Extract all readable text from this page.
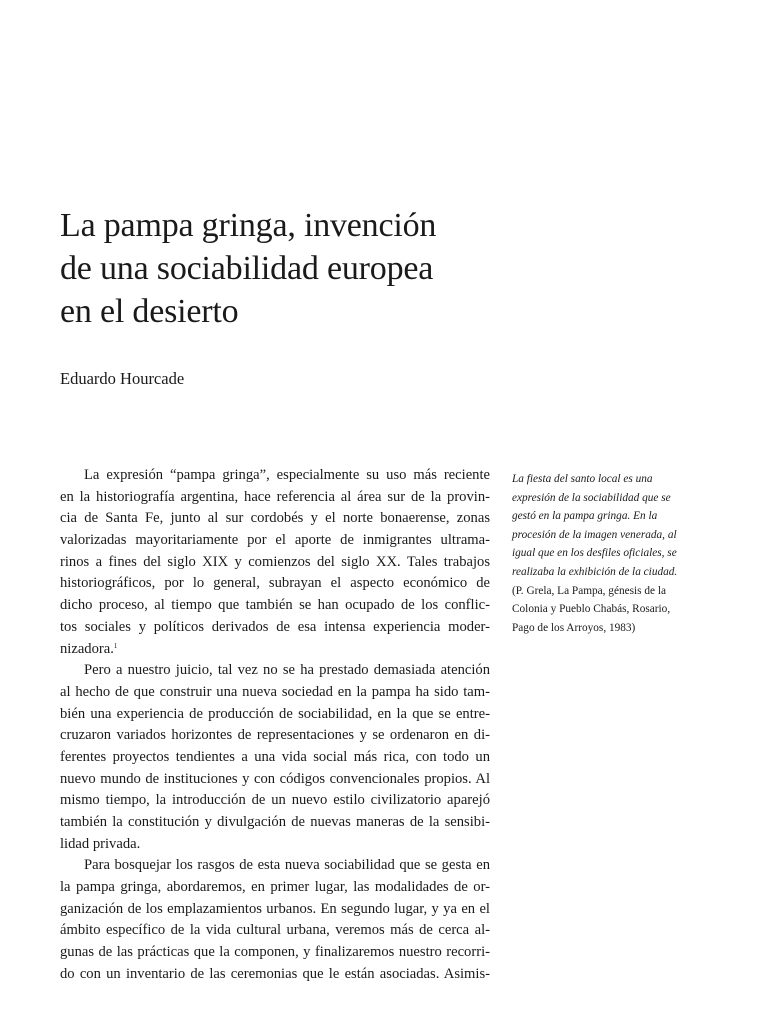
La pampa gringa, invención
de una sociabilidad europea
en el desierto

Eduardo Hourcade

La expresión “pampa gringa”, especialmente su uso más reciente
en la historiografía argentina, hace referencia al área sur de la provin-
cia de Santa Fe, junto al sur cordobés y el norte bonaerense, zonas
valorizadas mayoritariamente por el aporte de inmigrantes ultrama-
rinos a fines del siglo XIX y comienzos del siglo XX. Tales trabajos
historiográficos, por lo general, subrayan el aspecto económico de
dicho proceso, al tiempo que también se han ocupado de los conflic-
tos sociales y políticos derivados de esa intensa experiencia moder-
nizadora.$^1$
Pero a nuestro juicio, tal vez no se ha prestado demasiada atención
al hecho de que construir una nueva sociedad en la pampa ha sido tam-
bién una experiencia de producción de sociabilidad, en la que se entre-
cruzaron variados horizontes de representaciones y se ordenaron en di-
ferentes proyectos tendientes a una vida social más rica, con todo un
nuevo mundo de instituciones y con códigos convencionales propios. Al
mismo tiempo, la introducción de un nuevo estilo civilizatorio aparejó
también la constitución y divulgación de nuevas maneras de la sensibi-
lidad privada.
Para bosquejar los rasgos de esta nueva sociabilidad que se gesta en
la pampa gringa, abordaremos, en primer lugar, las modalidades de or-
ganización de los emplazamientos urbanos. En segundo lugar, y ya en el
ámbito específico de la vida cultural urbana, veremos más de cerca al-
gunas de las prácticas que la componen, y finalizaremos nuestro recorri-
do con un inventario de las ceremonias que le están asociadas. Asimis-
La fiesta del santo local es una
expresión de la sociabilidad que se
gestó en la pampa gringa. En la
procesión de la imagen venerada, al
igual que en los desfiles oficiales, se
realizaba la exhibición de la ciudad.
(P. Grela, La Pampa, génesis de la
Colonia y Pueblo Chabás, Rosario,
Pago de los Arroyos, 1983)
